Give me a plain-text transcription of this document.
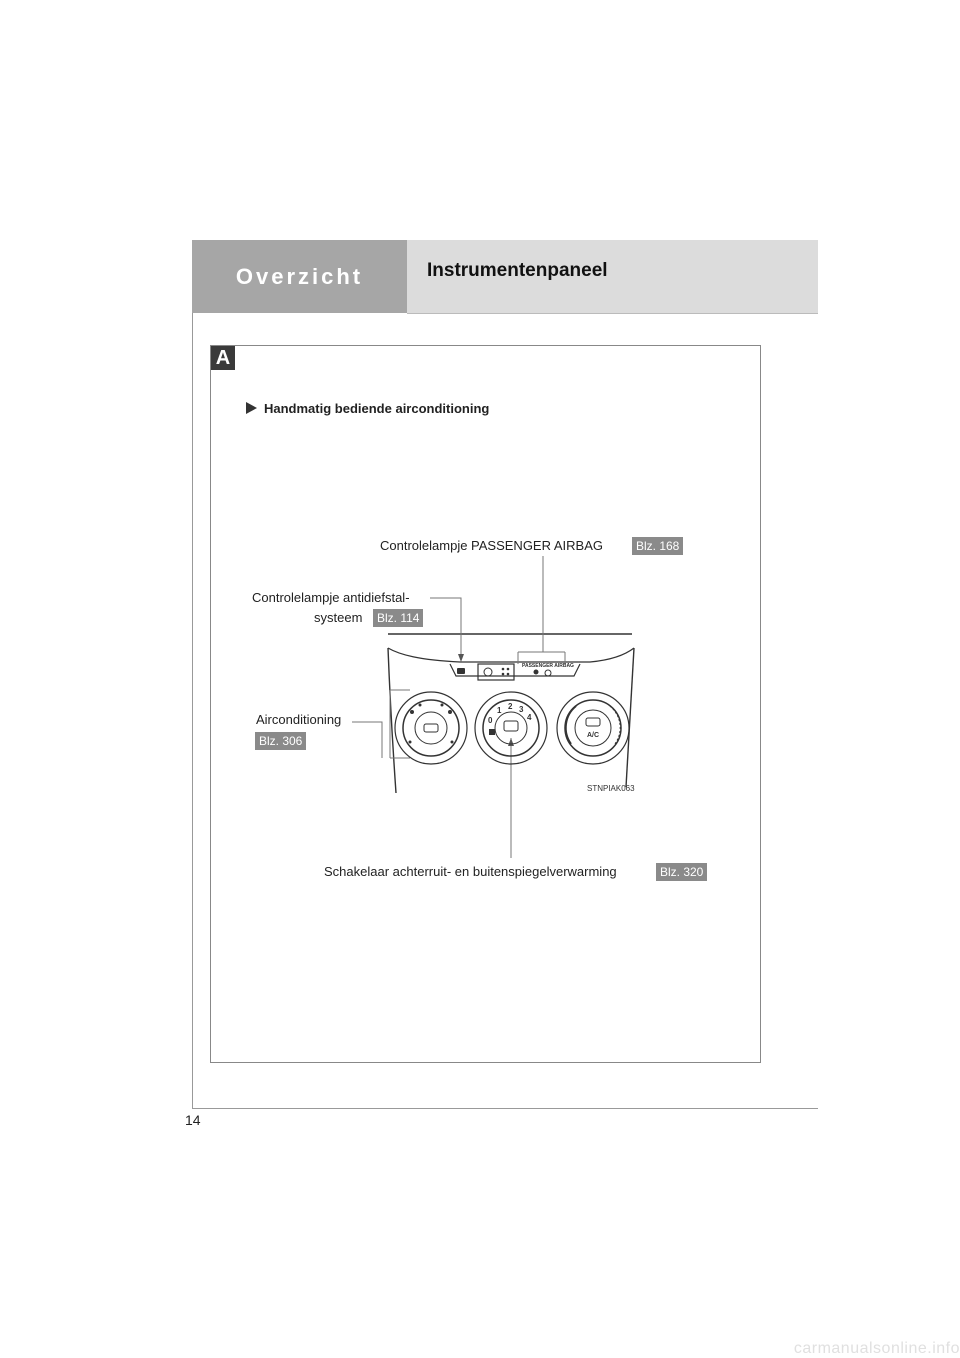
Overzicht	Instrumentenpaneel
14
A
Handmatig bediende airconditioning
Controlelampje PASSENGER AIRBAG	Blz. 168
Controlelampje antidiefstal-
systeem	Blz. 114
Airconditioning
Blz. 306
Schakelaar achterruit- en buitenspiegelverwarming	Blz. 320
PASSENGER AIRBAG
0
1 2 3
4
A/C
STNPIAK063
carmanualsonline.info
